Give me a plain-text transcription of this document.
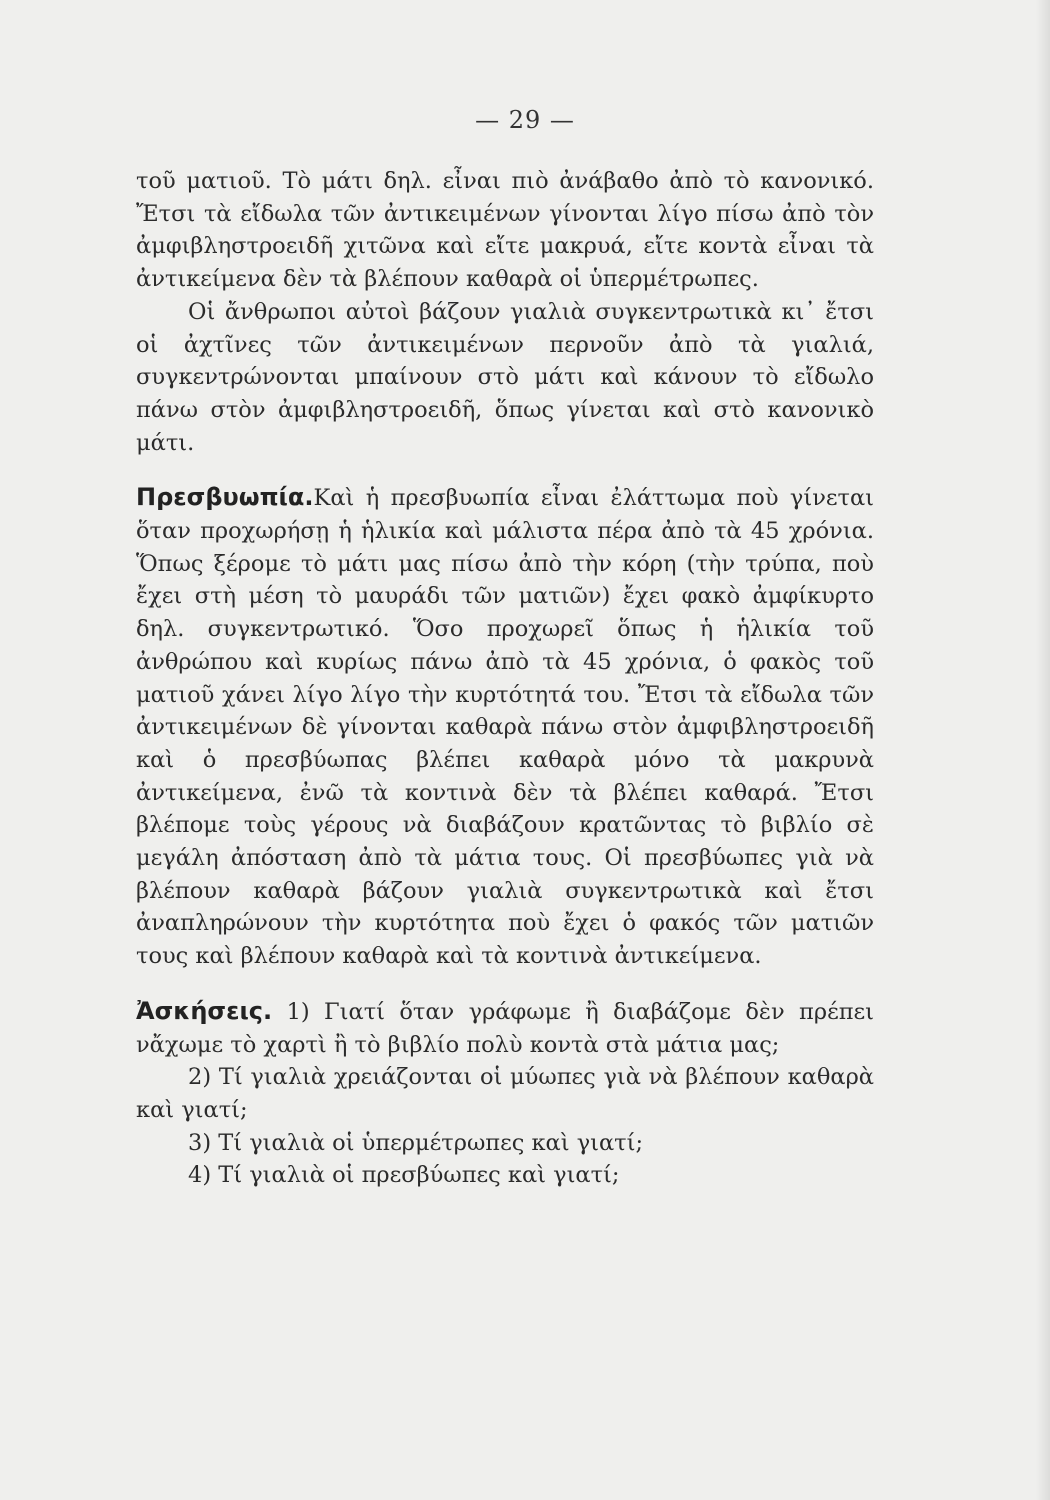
— 29 —

τοῦ ματιοῦ. Τὸ μάτι δηλ. εἶναι πιὸ ἀνάβαθο ἀπὸ τὸ κανονικό. Ἔτσι τὰ εἴδωλα τῶν ἀντικειμένων γίνονται λίγο πίσω ἀπὸ τὸν ἀμφιβληστροειδῆ χιτῶνα καὶ εἴτε μακρυά, εἴτε κοντὰ εἶναι τὰ ἀντικείμενα δὲν τὰ βλέπουν καθαρὰ οἱ ὑπερμέτρωπες.

Οἱ ἄνθρωποι αὐτοὶ βάζουν γιαλιὰ συγκεντρωτικὰ κι᾽ ἔτσι οἱ ἀχτῖνες τῶν ἀντικειμένων περνοῦν ἀπὸ τὰ γιαλιά, συγκεντρώνονται μπαίνουν στὸ μάτι καὶ κάνουν τὸ εἴδωλο πάνω στὸν ἀμφιβληστροειδῆ, ὅπως γίνεται καὶ στὸ κανονικὸ μάτι.

Πρεσβυωπία.Καὶ ἡ πρεσβυωπία εἶναι ἐλάττωμα ποὺ γίνεται ὅταν προχωρήσῃ ἡ ἡλικία καὶ μάλιστα πέρα ἀπὸ τὰ 45 χρόνια. Ὅπως ξέρομε τὸ μάτι μας πίσω ἀπὸ τὴν κόρη (τὴν τρύπα, ποὺ ἔχει στὴ μέση τὸ μαυράδι τῶν ματιῶν) ἔχει φακὸ ἀμφίκυρτο δηλ. συγκεντρωτικό. Ὅσο προχωρεῖ ὅπως ἡ ἡλικία τοῦ ἀνθρώπου καὶ κυρίως πάνω ἀπὸ τὰ 45 χρόνια, ὁ φακὸς τοῦ ματιοῦ χάνει λίγο λίγο τὴν κυρτότητά του. Ἔτσι τὰ εἴδωλα τῶν ἀντικειμένων δὲ γίνονται καθαρὰ πάνω στὸν ἀμφιβληστροειδῆ καὶ ὁ πρεσβύωπας βλέπει καθαρὰ μόνο τὰ μακρυνὰ ἀντικείμενα, ἐνῶ τὰ κοντινὰ δὲν τὰ βλέπει καθαρά. Ἔτσι βλέπομε τοὺς γέρους νὰ διαβάζουν κρατῶντας τὸ βιβλίο σὲ μεγάλη ἀπόσταση ἀπὸ τὰ μάτια τους. Οἱ πρεσβύωπες γιὰ νὰ βλέπουν καθαρὰ βάζουν γιαλιὰ συγκεντρωτικὰ καὶ ἔτσι ἀναπληρώνουν τὴν κυρτότητα ποὺ ἔχει ὁ φακός τῶν ματιῶν τους καὶ βλέπουν καθαρὰ καὶ τὰ κοντινὰ ἀντικείμενα.

Ἀσκήσεις. 1) Γιατί ὅταν γράφωμε ἢ διαβάζομε δὲν πρέπει νἄχωμε τὸ χαρτὶ ἢ τὸ βιβλίο πολὺ κοντὰ στὰ μάτια μας;

2) Τί γιαλιὰ χρειάζονται οἱ μύωπες γιὰ νὰ βλέπουν καθαρὰ καὶ γιατί;

3) Τί γιαλιὰ οἱ ὑπερμέτρωπες καὶ γιατί;

4) Τί γιαλιὰ οἱ πρεσβύωπες καὶ γιατί;
